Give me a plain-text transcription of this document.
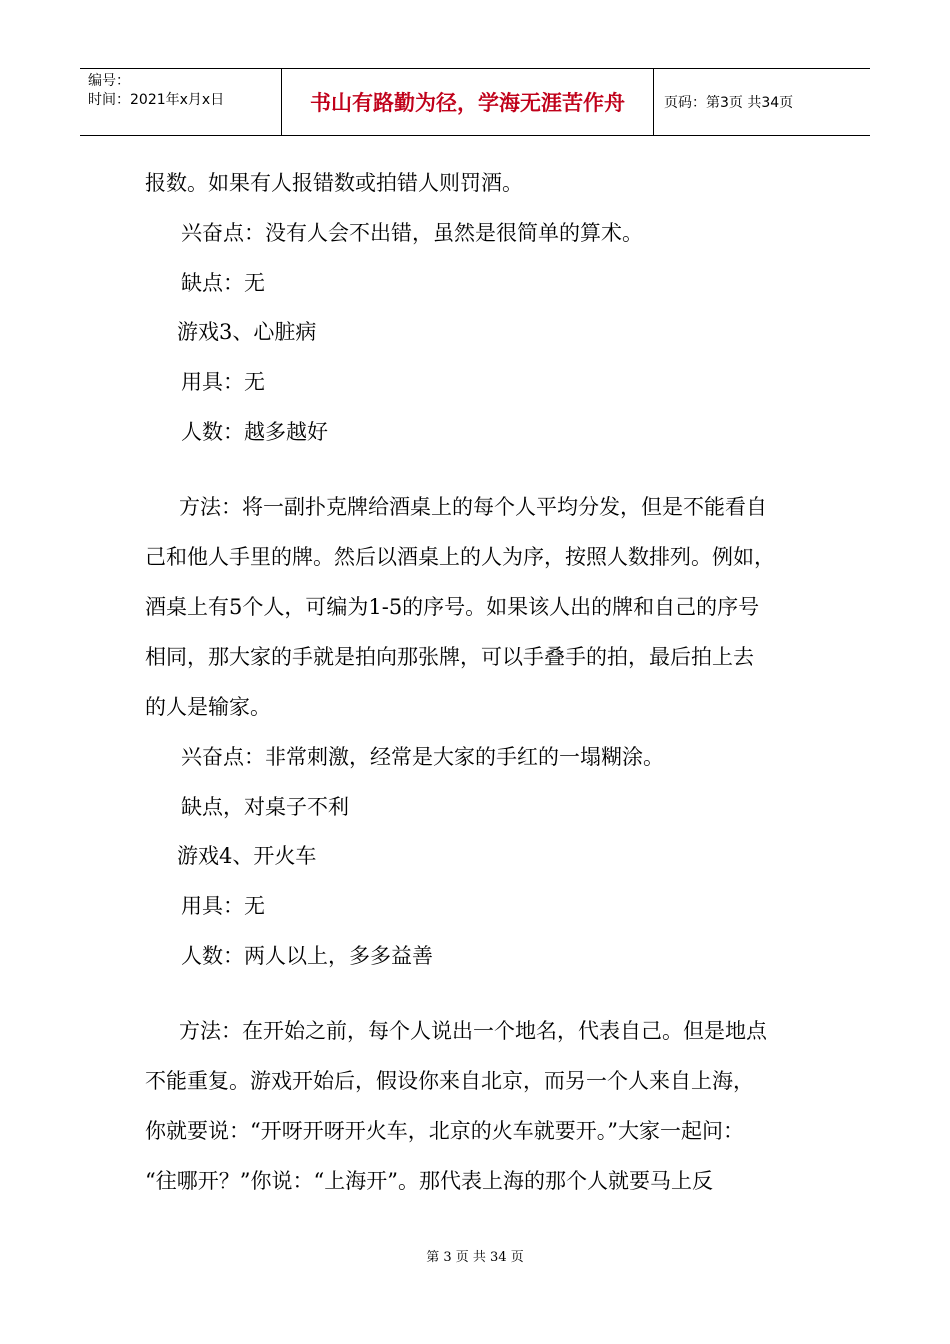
编号：
时间：2021年x月x日	书山有路勤为径，学海无涯苦作舟	页码：第3页 共34页
报数。如果有人报错数或拍错人则罚酒。
兴奋点：没有人会不出错，虽然是很简单的算术。
缺点：无
游戏3、心脏病
用具：无
人数：越多越好
方法：将一副扑克牌给酒桌上的每个人平均分发，但是不能看自
己和他人手里的牌。然后以酒桌上的人为序，按照人数排列。例如，
酒桌上有5个人，可编为1-5的序号。如果该人出的牌和自己的序号
相同，那大家的手就是拍向那张牌，可以手叠手的拍，最后拍上去
的人是输家。
兴奋点：非常刺激，经常是大家的手红的一塌糊涂。
缺点，对桌子不利
游戏4、开火车
用具：无
人数：两人以上，多多益善
方法：在开始之前，每个人说出一个地名，代表自己。但是地点
不能重复。游戏开始后，假设你来自北京，而另一个人来自上海，
你就要说：“开呀开呀开火车，北京的火车就要开。”大家一起问：
“往哪开？”你说：“上海开”。那代表上海的那个人就要马上反
第 3 页 共 34 页
